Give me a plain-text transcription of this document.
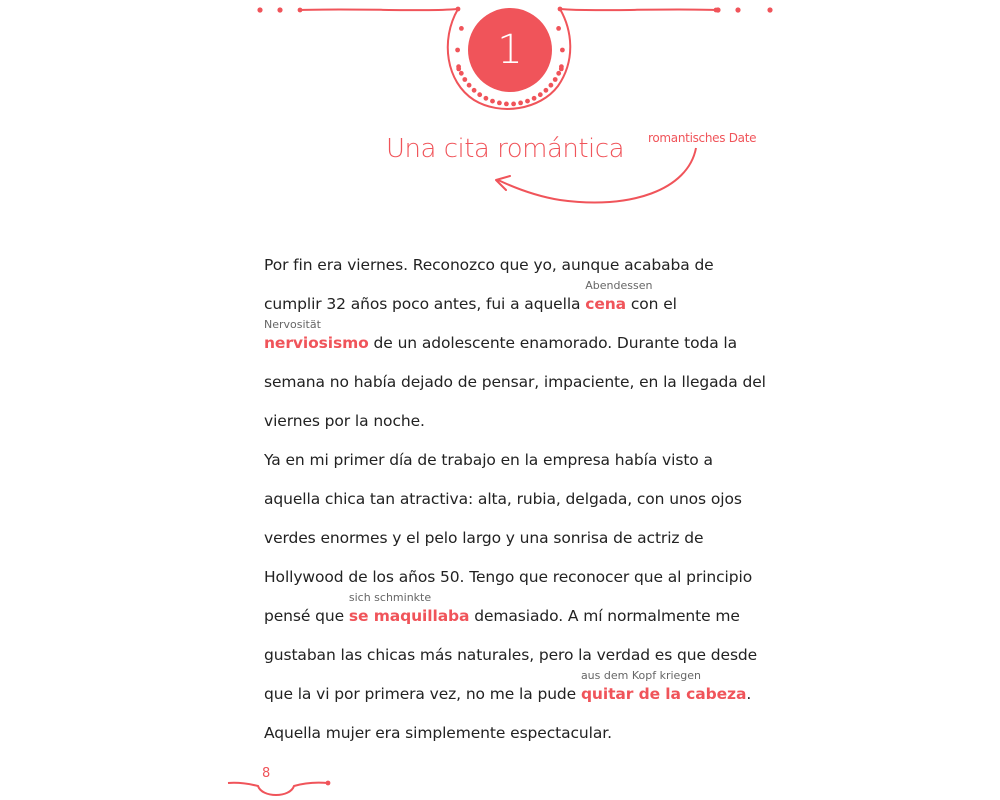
1
Una cita romántica	romantisches Date
Por fin era viernes. Reconozco que yo, aunque acababa de
cumplir 32 años poco antes, fui a aquella
Abendessen
cena con el
Nervosität
nerviosismo de un adolescente enamorado. Durante toda la
semana no había dejado de pensar, impaciente, en la llegada del
viernes por la noche.
Ya en mi primer día de trabajo en la empresa había visto a
aquella chica tan atractiva: alta, rubia, delgada, con unos ojos
verdes enormes y el pelo largo y una sonrisa de actriz de
Hollywood de los años 50. Tengo que reconocer que al principio
pensé que
sich schminkte
se maquillaba demasiado. A mí normalmente me
gustaban las chicas más naturales, pero la verdad es que desde
que la vi por primera vez, no me la pude
aus dem Kopf kriegen
quitar de la cabeza.
Aquella mujer era simplemente espectacular.
8
